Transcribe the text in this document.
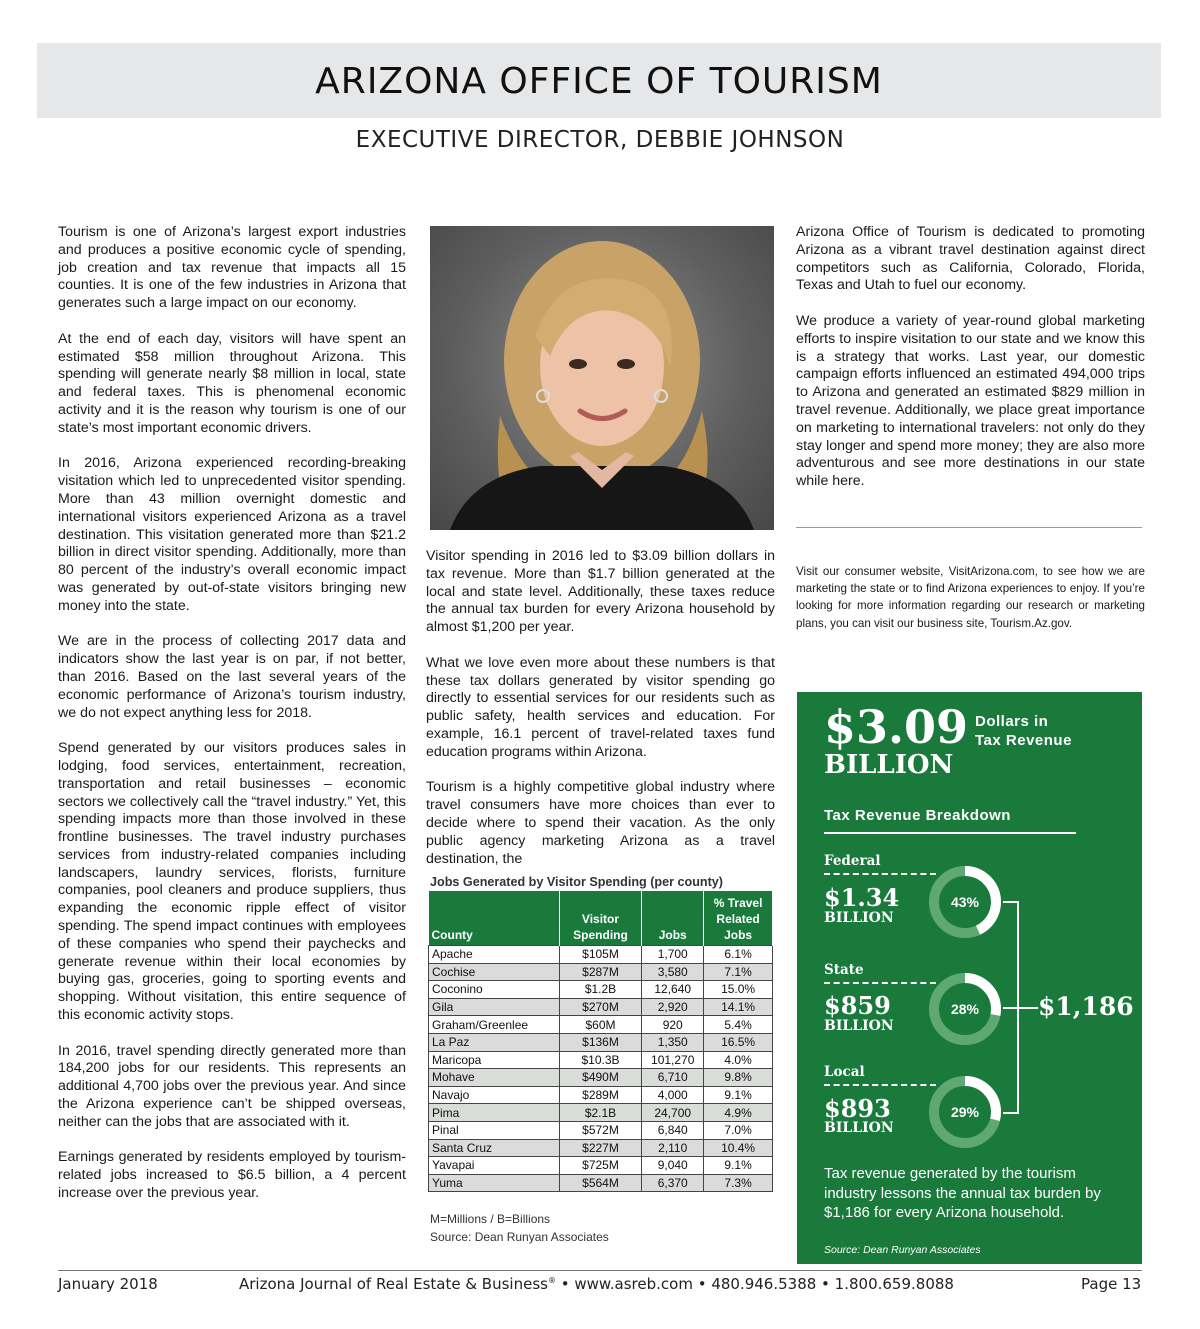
ARIZONA OFFICE OF TOURISM
EXECUTIVE DIRECTOR, DEBBIE JOHNSON

Tourism is one of Arizona’s largest export industries and produces a positive economic cycle of spending, job creation and tax revenue that impacts all 15 counties. It is one of the few industries in Arizona that generates such a large impact on our economy.

At the end of each day, visitors will have spent an estimated $58 million throughout Arizona. This spending will generate nearly $8 million in local, state and federal taxes. This is phenomenal economic activity and it is the reason why tourism is one of our state’s most important economic drivers.

In 2016, Arizona experienced recording-breaking visitation which led to unprecedented visitor spending. More than 43 million overnight domestic and international visitors experienced Arizona as a travel destination. This visitation generated more than $21.2 billion in direct visitor spending. Additionally, more than 80 percent of the industry’s overall economic impact was generated by out-of-state visitors bringing new money into the state.

We are in the process of collecting 2017 data and indicators show the last year is on par, if not better, than 2016. Based on the last several years of the economic performance of Arizona’s tourism industry, we do not expect anything less for 2018.

Spend generated by our visitors produces sales in lodging, food services, entertainment, recreation, transportation and retail businesses – economic sectors we collectively call the “travel industry.” Yet, this spending impacts more than those involved in these frontline businesses. The travel industry purchases services from industry-related companies including landscapers, laundry services, florists, furniture companies, pool cleaners and produce suppliers, thus expanding the economic ripple effect of visitor spending. The spend impact continues with employees of these companies who spend their paychecks and generate revenue within their local economies by buying gas, groceries, going to sporting events and shopping. Without visitation, this entire sequence of this economic activity stops.

In 2016, travel spending directly generated more than 184,200 jobs for our residents. This represents an additional 4,700 jobs over the previous year. And since the Arizona experience can’t be shipped overseas, neither can the jobs that are associated with it.

Earnings generated by residents employed by tourism-related jobs increased to $6.5 billion, a 4 percent increase over the previous year.

Visitor spending in 2016 led to $3.09 billion dollars in tax revenue. More than $1.7 billion generated at the local and state level. Additionally, these taxes reduce the annual tax burden for every Arizona household by almost $1,200 per year.

What we love even more about these numbers is that these tax dollars generated by visitor spending go directly to essential services for our residents such as public safety, health services and education. For example, 16.1 percent of travel-related taxes fund education programs within Arizona.

Tourism is a highly competitive global industry where travel consumers have more choices than ever to decide where to spend their vacation. As the only public agency marketing Arizona as a travel destination, the

Jobs Generated by Visitor Spending (per county)
County	Visitor Spending	Jobs	% Travel Related Jobs
Apache	$105M	1,700	6.1%
Cochise	$287M	3,580	7.1%
Coconino	$1.2B	12,640	15.0%
Gila	$270M	2,920	14.1%
Graham/Greenlee	$60M	920	5.4%
La Paz	$136M	1,350	16.5%
Maricopa	$10.3B	101,270	4.0%
Mohave	$490M	6,710	9.8%
Navajo	$289M	4,000	9.1%
Pima	$2.1B	24,700	4.9%
Pinal	$572M	6,840	7.0%
Santa Cruz	$227M	2,110	10.4%
Yavapai	$725M	9,040	9.1%
Yuma	$564M	6,370	7.3%
M=Millions / B=Billions
Source: Dean Runyan Associates

Arizona Office of Tourism is dedicated to promoting Arizona as a vibrant travel destination against direct competitors such as California, Colorado, Florida, Texas and Utah to fuel our economy.

We produce a variety of year-round global marketing efforts to inspire visitation to our state and we know this is a strategy that works. Last year, our domestic campaign efforts influenced an estimated 494,000 trips to Arizona and generated an estimated $829 million in travel revenue. Additionally, we place great importance on marketing to international travelers: not only do they stay longer and spend more money; they are also more adventurous and see more destinations in our state while here.

Visit our consumer website, VisitArizona.com, to see how we are marketing the state or to find Arizona experiences to enjoy. If you’re looking for more information regarding our research or marketing plans, you can visit our business site, Tourism.Az.gov.
$3.09
BILLION
Dollars in
Tax Revenue
Tax Revenue Breakdown
Federal
$1.34
BILLION
43%
State
$859
BILLION
28%
Local
$893
BILLION
29%
$1,186
Tax revenue generated by the tourism industry lessons the annual tax burden by $1,186 for every Arizona household.
Source: Dean Runyan Associates
January 2018	Arizona Journal of Real Estate & Business® • www.asreb.com • 480.946.5388 • 1.800.659.8088	Page 13
